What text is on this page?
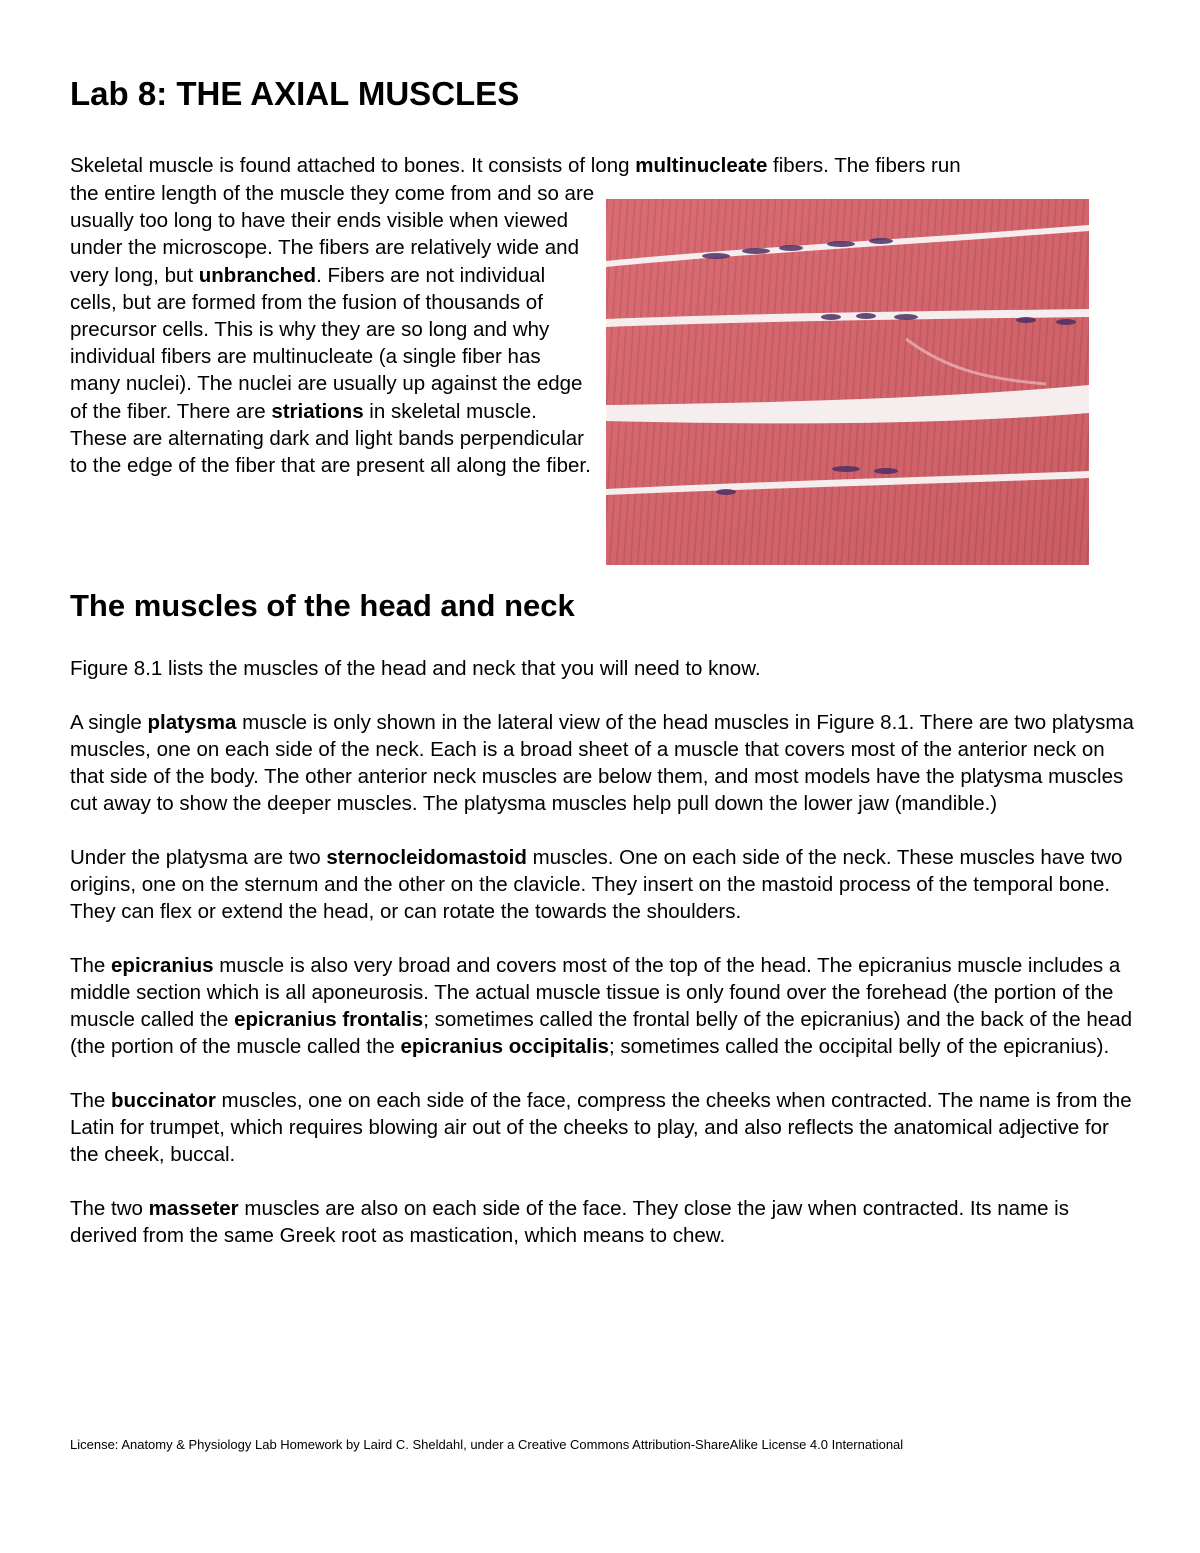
Lab 8: THE AXIAL MUSCLES

Skeletal muscle is found attached to bones. It consists of long multinucleate fibers. The fibers run

the entire length of the muscle they come from and so are usually too long to have their ends visible when viewed under the microscope. The fibers are relatively wide and very long, but unbranched. Fibers are not individual cells, but are formed from the fusion of thousands of precursor cells. This is why they are so long and why individual fibers are multinucleate (a single fiber has many nuclei). The nuclei are usually up against the edge of the fiber. There are striations in skeletal muscle. These are alternating dark and light bands perpendicular to the edge of the fiber that are present all along the fiber.

The muscles of the head and neck

Figure 8.1 lists the muscles of the head and neck that you will need to know.

A single platysma muscle is only shown in the lateral view of the head muscles in Figure 8.1. There are two platysma muscles, one on each side of the neck. Each is a broad sheet of a muscle that covers most of the anterior neck on that side of the body. The other anterior neck muscles are below them, and most models have the platysma muscles cut away to show the deeper muscles. The platysma muscles help pull down the lower jaw (mandible.)

Under the platysma are two sternocleidomastoid muscles. One on each side of the neck. These muscles have two origins, one on the sternum and the other on the clavicle. They insert on the mastoid process of the temporal bone. They can flex or extend the head, or can rotate the towards the shoulders.

The epicranius muscle is also very broad and covers most of the top of the head. The epicranius muscle includes a middle section which is all aponeurosis. The actual muscle tissue is only found over the forehead (the portion of the muscle called the epicranius frontalis; sometimes called the frontal belly of the epicranius) and the back of the head (the portion of the muscle called the epicranius occipitalis; sometimes called the occipital belly of the epicranius).

The buccinator muscles, one on each side of the face, compress the cheeks when contracted. The name is from the Latin for trumpet, which requires blowing air out of the cheeks to play, and also reflects the anatomical adjective for the cheek, buccal.

The two masseter muscles are also on each side of the face. They close the jaw when contracted. Its name is derived from the same Greek root as mastication, which means to chew.

License: Anatomy & Physiology Lab Homework by Laird C. Sheldahl, under a Creative Commons Attribution-ShareAlike License 4.0 International
